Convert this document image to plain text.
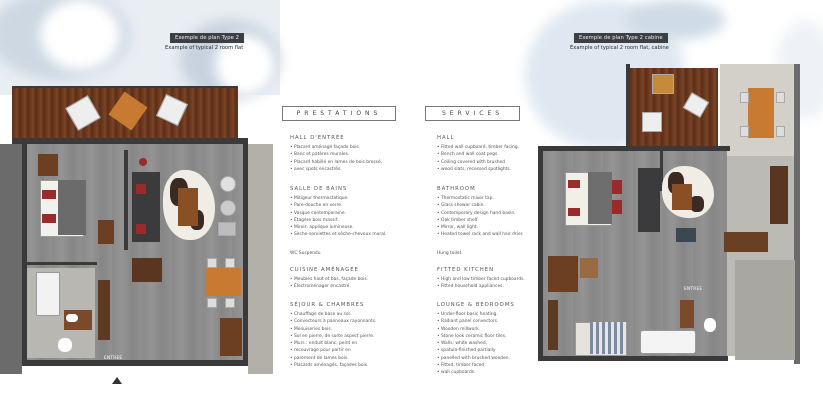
ENTREE
Exemple de plan Type 2
Example of typical 2 room flat
PRESTATIONS
HALL D'ENTRÉE
• Placard aménagé façade bois.
• Banc et patères murales.
• Placard habillé en lames de bois brossé,
• avec spots encastrés.
SALLE DE BAINS
• Mitigeur thermostatique.
• Pare-douche en verre.
• Vasque contemporaine.
• Étagère bois massif.
• Miroir, applique lumineuse.
• Sèche-serviettes et sèche-cheveux mural.
WC Suspendu
CUISINE AMÉNAGÉE
• Meubles haut et bas, façade bois.
• Électroménager encastré.
SÉJOUR & CHAMBRES
• Chauffage de base au sol.
• Convecteurs à panneaux rayonnants.
• Menuiseries bois.
• Sol en pierre, de sorte aspect pierre.
• Murs : enduit blanc, peint en
• recouvrage pour partir en
• parement de lames bois.
• Placards aménagés, façades bois.
SERVICES
HALL
• Fitted wall cupboard, timber facing.
• Bench and wall coat pegs.
• Ceiling covered with brushed
• wood slats, recessed spotlights.
BATHROOM
• Thermostatic mixer tap.
• Glass shower cabin.
• Contemporary design hand basin.
• Oak timber shelf.
• Mirror, wall light.
• Heated towel rack and wall hair drier.
Hung toilet.
FITTED KITCHEN
• High and low timber faced cupboards.
• Fitted household appliances.
LOUNGE & BEDROOMS
• Under-floor basic heating.
• Radiant panel convectors.
• Wooden millwork.
• Stone look ceramic floor tiles.
• Walls: white washed,
• spatula-finished partially
• panelled with brushed wooden.
• Fitted, timber faced
• wall cupboards.
ENTREE
Exemple de plan Type 2 cabine
Example of typical 2 room flat, cabine
